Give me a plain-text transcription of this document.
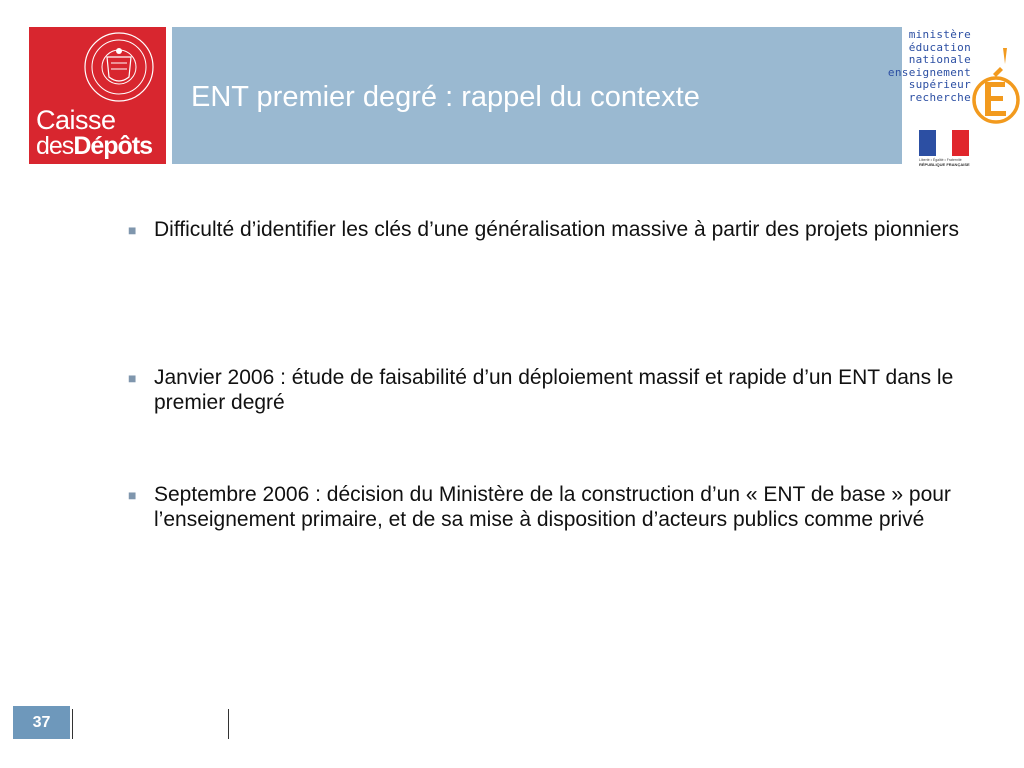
Caisse
desDépôts
ENT premier degré : rappel du contexte
ministère
éducation
nationale
enseignement
supérieur
recherche
Liberté • Égalité • Fraternité
RÉPUBLIQUE FRANÇAISE
■ Difficulté d’identifier les clés d’une généralisation massive à partir des projets pionniers
■ Janvier 2006 : étude de faisabilité d’un déploiement massif et rapide d’un ENT dans le premier degré
■ Septembre 2006 : décision du Ministère de la construction d’un « ENT de base » pour l’enseignement primaire, et de sa mise à disposition d’acteurs publics comme privé
37
